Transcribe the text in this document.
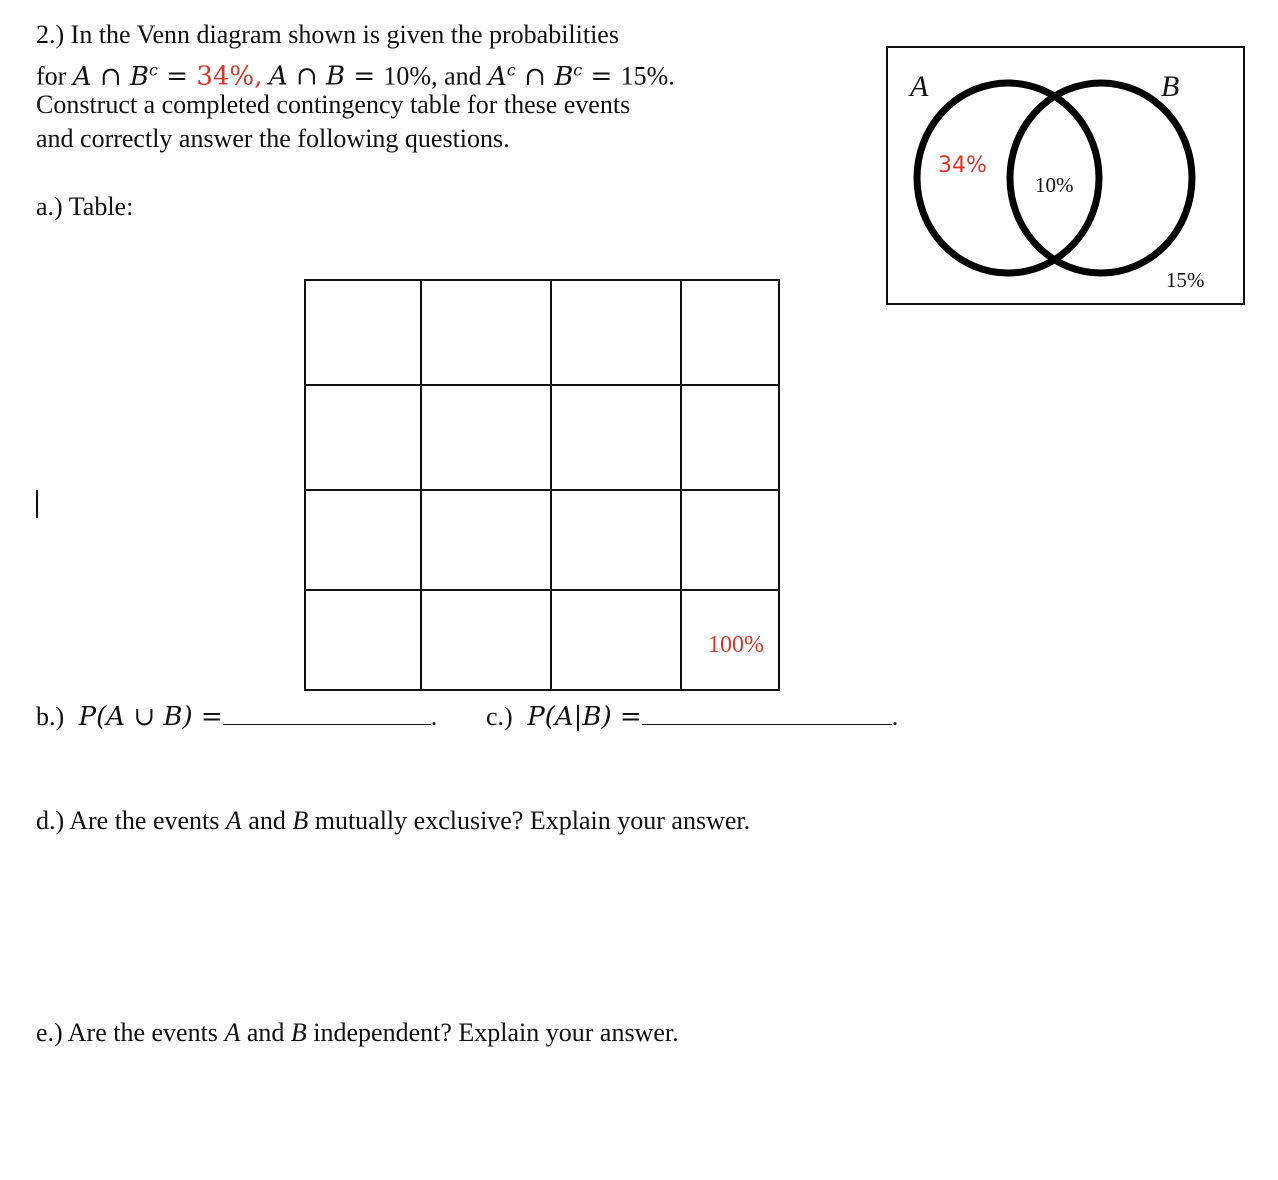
2.) In the Venn diagram shown is given the probabilities
for A ∩ $B^c = 34\%$, A ∩ B = 10%, and $A^c$ ∩ $B^c = 15\%$.
Construct a completed contingency table for these events
and correctly answer the following questions.
a.) Table:

			100%
b.) P(A ∪ B) =	. c.) P(A|B) =	.
d.) Are the events A and B mutually exclusive? Explain your answer.
e.) Are the events A and B independent? Explain your answer.
A	B
34%
10%
15%
